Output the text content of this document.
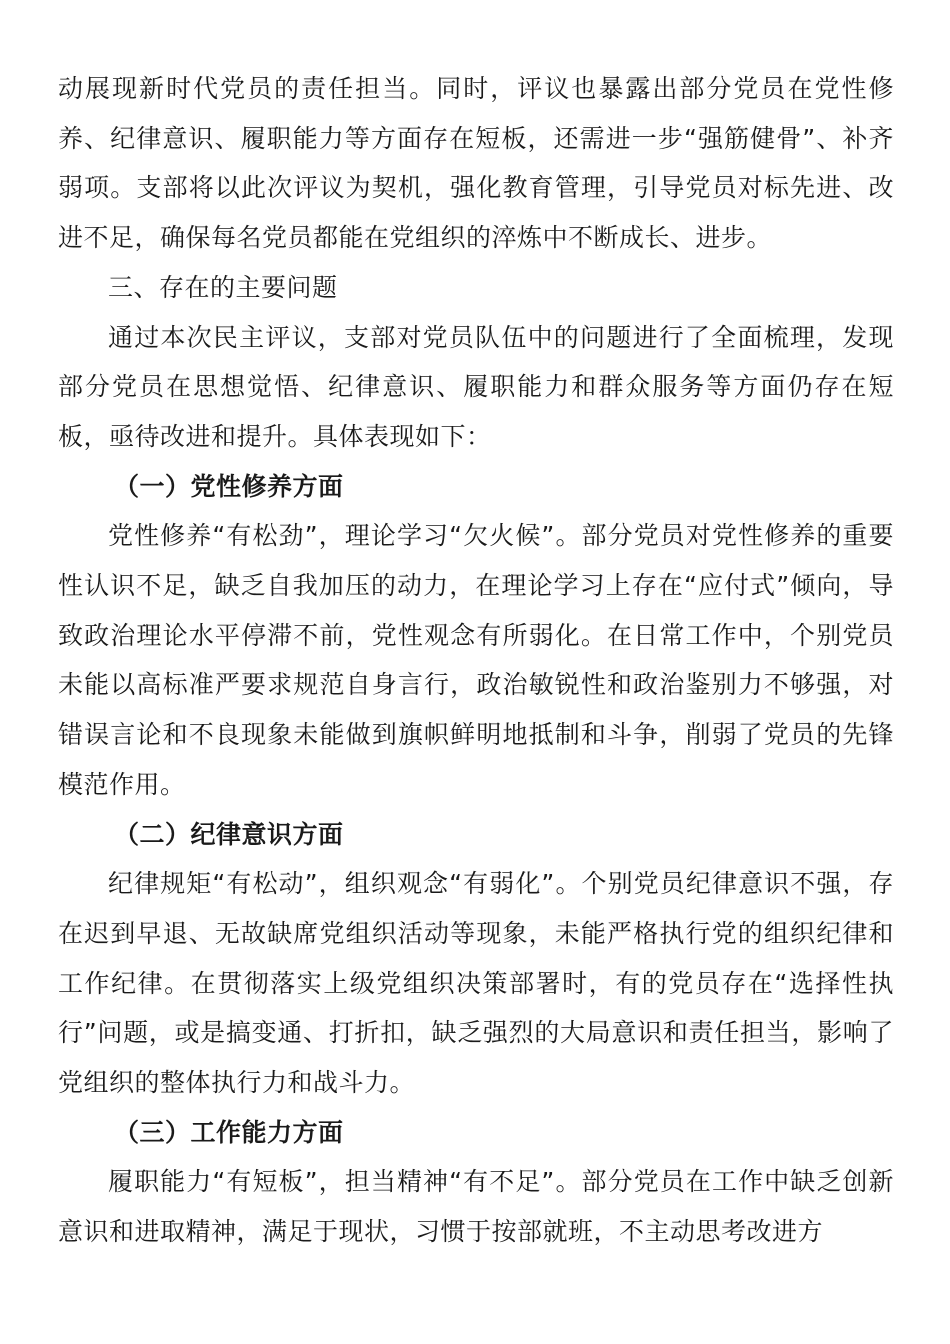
动展现新时代党员的责任担当。同时，评议也暴露出部分党员在党性修养、纪律意识、履职能力等方面存在短板，还需进一步“强筋健骨”、补齐弱项。支部将以此次评议为契机，强化教育管理，引导党员对标先进、改进不足，确保每名党员都能在党组织的淬炼中不断成长、进步。

三、存在的主要问题

通过本次民主评议，支部对党员队伍中的问题进行了全面梳理，发现部分党员在思想觉悟、纪律意识、履职能力和群众服务等方面仍存在短板，亟待改进和提升。具体表现如下：

（一）党性修养方面

党性修养“有松劲”，理论学习“欠火候”。部分党员对党性修养的重要性认识不足，缺乏自我加压的动力，在理论学习上存在“应付式”倾向，导致政治理论水平停滞不前，党性观念有所弱化。在日常工作中，个别党员未能以高标准严要求规范自身言行，政治敏锐性和政治鉴别力不够强，对错误言论和不良现象未能做到旗帜鲜明地抵制和斗争，削弱了党员的先锋模范作用。

（二）纪律意识方面

纪律规矩“有松动”，组织观念“有弱化”。个别党员纪律意识不强，存在迟到早退、无故缺席党组织活动等现象，未能严格执行党的组织纪律和工作纪律。在贯彻落实上级党组织决策部署时，有的党员存在“选择性执行”问题，或是搞变通、打折扣，缺乏强烈的大局意识和责任担当，影响了党组织的整体执行力和战斗力。

（三）工作能力方面

履职能力“有短板”，担当精神“有不足”。部分党员在工作中缺乏创新意识和进取精神，满足于现状，习惯于按部就班，不主动思考改进方
